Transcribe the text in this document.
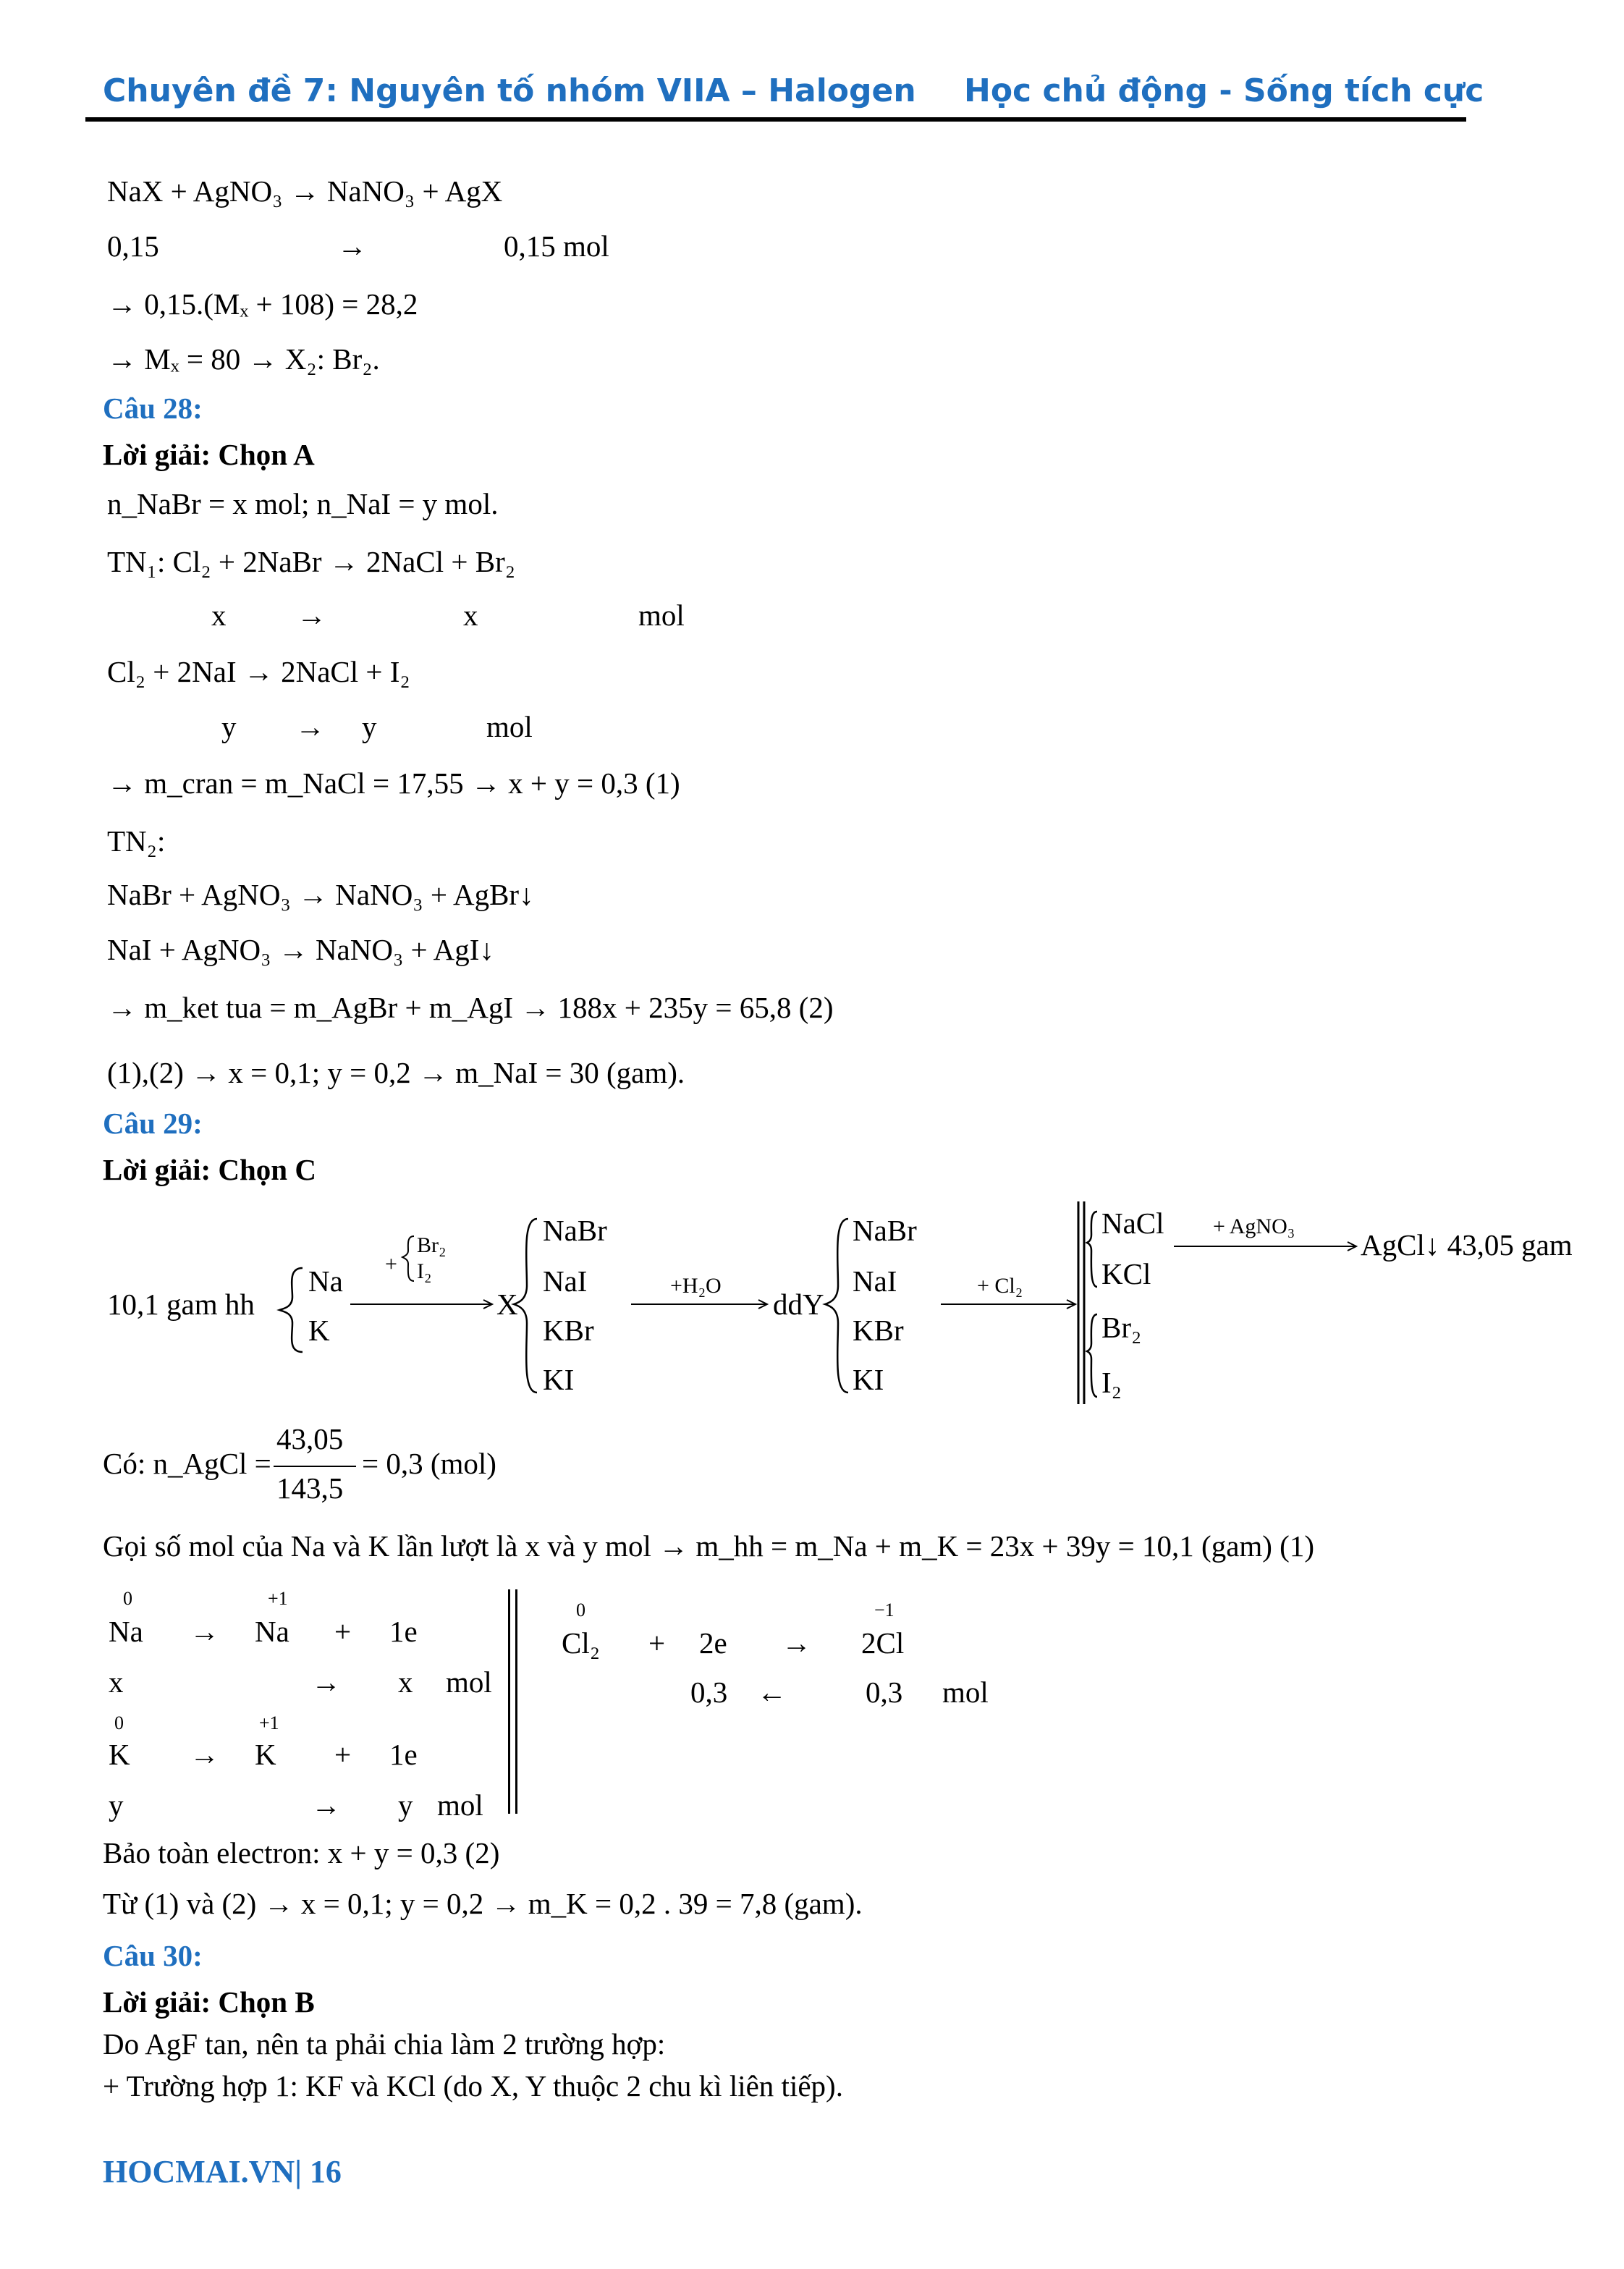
Chuyên đề 7: Nguyên tố nhóm VIIA – Halogen Học chủ động - Sống tích cực
NaX + AgNO₃ → NaNO₃ + AgX
0,15	→	0,15 mol
→ 0,15.(Mₓ + 108) = 28,2
→ Mₓ = 80 → X₂: Br₂.
Câu 28:
Lời giải: Chọn A
n_NaBr = x mol; n_NaI = y mol.
TN₁: Cl₂ + 2NaBr → 2NaCl + Br₂
x →	x	mol
Cl₂ + 2NaI → 2NaCl + I₂
y → y	mol
→ m_cran = m_NaCl = 17,55 → x + y = 0,3 (1)
TN₂:
NaBr + AgNO₃ → NaNO₃ + AgBr↓
NaI + AgNO₃ → NaNO₃ + AgI↓
→ m_ket tua = m_AgBr + m_AgI → 188x + 235y = 65,8 (2)
(1),(2) → x = 0,1; y = 0,2 → m_NaI = 30 (gam).
Câu 29:
Lời giải: Chọn C
10,1 gam hh
Na
K
+
Br₂
I₂
X
NaBr
NaI
KBr
KI
+H₂O
ddY
NaBr
NaI
KBr
KI
+ Cl₂
NaCl
KCl
Br₂
I₂
+ AgNO₃
AgCl↓ 43,05 gam
Có: n_AgCl =
43,05
143,5
= 0,3 (mol)
Gọi số mol của Na và K lần lượt là x và y mol → m_hh = m_Na + m_K = 23x + 39y = 10,1 (gam) (1)
0
Na →
+1
Na + 1e
x	→ x mol
0
K →
+1
K + 1e
y	→ y mol
0
Cl₂ + 2e →
−1
2Cl
0,3 ←	0,3 mol
Bảo toàn electron: x + y = 0,3 (2)
Từ (1) và (2) → x = 0,1; y = 0,2 → m_K = 0,2 . 39 = 7,8 (gam).
Câu 30:
Lời giải: Chọn B
Do AgF tan, nên ta phải chia làm 2 trường hợp:
+ Trường hợp 1: KF và KCl (do X, Y thuộc 2 chu kì liên tiếp).
HOCMAI.VN| 16
